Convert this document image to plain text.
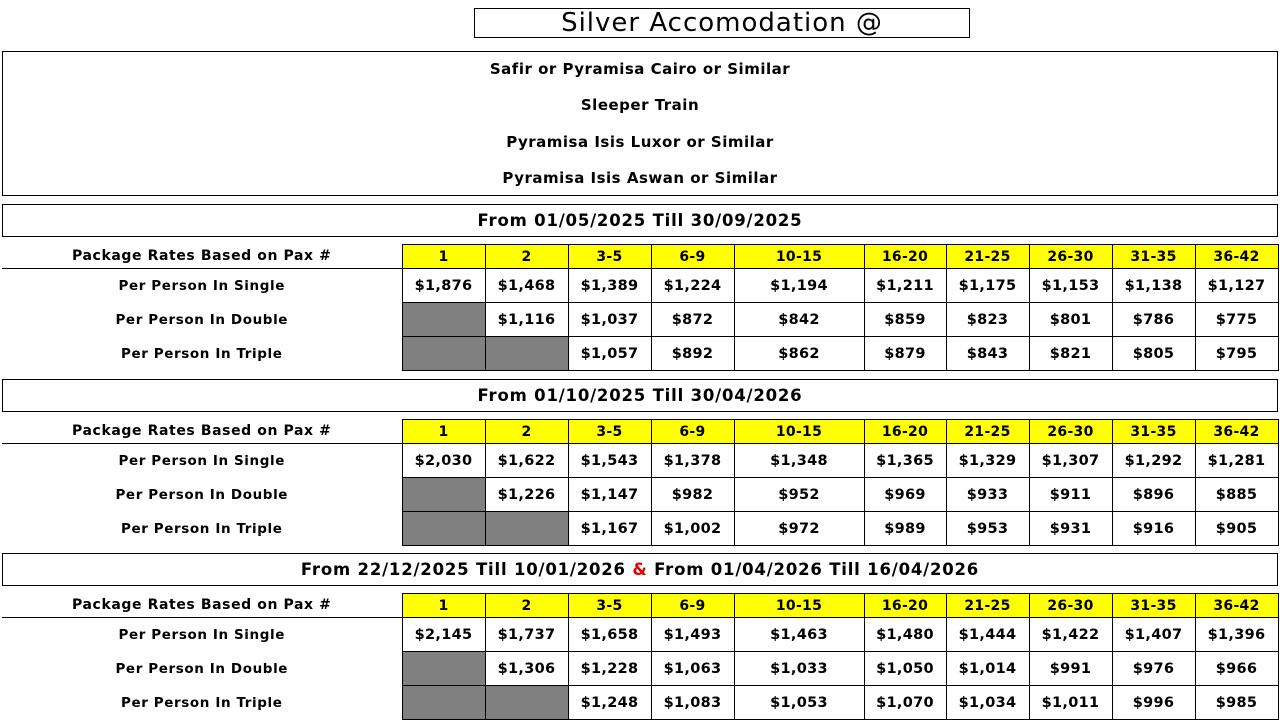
Silver Accomodation @
Safir or Pyramisa Cairo or Similar
Sleeper Train
Pyramisa Isis Luxor or Similar
Pyramisa Isis Aswan or Similar
From 01/05/2025 Till 30/09/2025
Package Rates Based on Pax #	1	2	3-5	6-9	10-15	16-20	21-25	26-30	31-35	36-42
Per Person In Single	$1,876	$1,468	$1,389	$1,224	$1,194	$1,211	$1,175	$1,153	$1,138	$1,127
Per Person In Double		$1,116	$1,037	$872	$842	$859	$823	$801	$786	$775
Per Person In Triple			$1,057	$892	$862	$879	$843	$821	$805	$795
From 01/10/2025 Till 30/04/2026
Package Rates Based on Pax #	1	2	3-5	6-9	10-15	16-20	21-25	26-30	31-35	36-42
Per Person In Single	$2,030	$1,622	$1,543	$1,378	$1,348	$1,365	$1,329	$1,307	$1,292	$1,281
Per Person In Double		$1,226	$1,147	$982	$952	$969	$933	$911	$896	$885
Per Person In Triple			$1,167	$1,002	$972	$989	$953	$931	$916	$905
From 22/12/2025 Till 10/01/2026
&
From 01/04/2026 Till 16/04/2026
Package Rates Based on Pax #	1	2	3-5	6-9	10-15	16-20	21-25	26-30	31-35	36-42
Per Person In Single	$2,145	$1,737	$1,658	$1,493	$1,463	$1,480	$1,444	$1,422	$1,407	$1,396
Per Person In Double		$1,306	$1,228	$1,063	$1,033	$1,050	$1,014	$991	$976	$966
Per Person In Triple			$1,248	$1,083	$1,053	$1,070	$1,034	$1,011	$996	$985
